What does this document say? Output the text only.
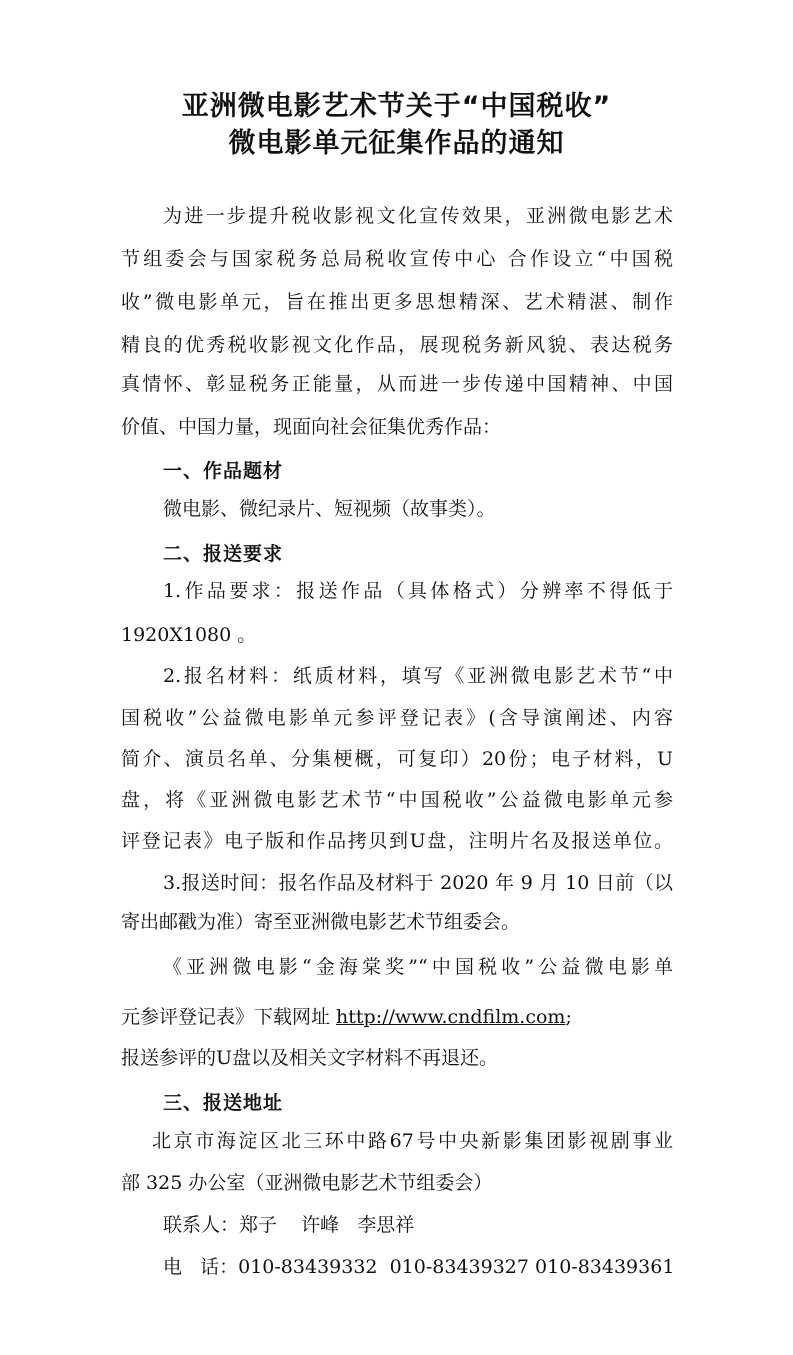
亚洲微电影艺术节关于“中国税收”
微电影单元征集作品的通知
为进一步提升税收影视文化宣传效果，亚洲微电影艺术
节组委会与国家税务总局税收宣传中心 合作设立“中国税
收”微电影单元，旨在推出更多思想精深、艺术精湛、制作
精良的优秀税收影视文化作品，展现税务新风貌、表达税务
真情怀、彰显税务正能量，从而进一步传递中国精神、中国
价值、中国力量，现面向社会征集优秀作品：
一、作品题材
微电影、微纪录片、短视频（故事类）。
二、报送要求
1.作品要求：报送作品（具体格式）分辨率不得低于
1920X1080 。
2.报名材料：纸质材料，填写《亚洲微电影艺术节“中
国税收”公益微电影单元参评登记表》(含导演阐述、内容
简介、演员名单、分集梗概，可复印）20份；电子材料，U
盘，将《亚洲微电影艺术节“中国税收”公益微电影单元参
评登记表》电子版和作品拷贝到U盘，注明片名及报送单位。
3.报送时间：报名作品及材料于 2020 年 9 月 10 日前（以
寄出邮戳为准）寄至亚洲微电影艺术节组委会。
《亚洲微电影“金海棠奖”“中国税收”公益微电影单
元参评登记表》下载网址 http://www.cndfilm.com;
报送参评的U盘以及相关文字材料不再退还。
三、报送地址
北京市海淀区北三环中路67号中央新影集团影视剧事业
部 325 办公室（亚洲微电影艺术节组委会）
联系人：郑子    许峰   李思祥
电   话：010-83439332  010-83439327 010-83439361
